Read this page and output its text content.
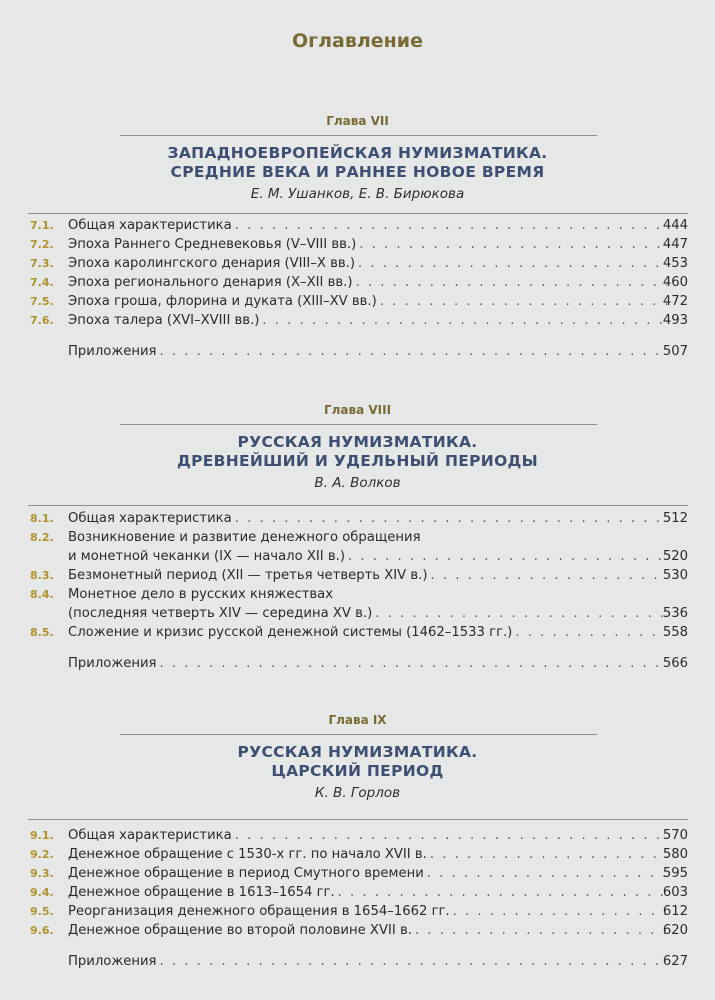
Оглавление
Глава VII
ЗАПАДНОЕВРОПЕЙСКАЯ НУМИЗМАТИКА.
СРЕДНИЕ ВЕКА И РАННЕЕ НОВОЕ ВРЕМЯ
Е. М. Ушанков, Е. В. Бирюкова
7.1.	Общая характеристика . . .	444
7.2.	Эпоха Раннего Средневековья (V–VIII вв.) . . .	447
7.3.	Эпоха каролингского денария (VIII–X вв.) . . .	453
7.4.	Эпоха регионального денария (X–XII вв.) . . .	460
7.5.	Эпоха гроша, флорина и дуката (XIII–XV вв.) . . .	472
7.6.	Эпоха талера (XVI–XVIII вв.) . . .	493
Приложения . . .	507
Глава VIII
РУССКАЯ НУМИЗМАТИКА.
ДРЕВНЕЙШИЙ И УДЕЛЬНЫЙ ПЕРИОДЫ
В. А. Волков
8.1.	Общая характеристика . . .	512
8.2.	Возникновение и развитие денежного обращения
и монетной чеканки (IX — начало XII в.) . . .	520
8.3.	Безмонетный период (XII — третья четверть XIV в.) . . .	530
8.4.	Монетное дело в русских княжествах
(последняя четверть XIV — середина XV в.) . . .	536
8.5.	Сложение и кризис русской денежной системы (1462–1533 гг.) . . .	558
Приложения . . .	566
Глава IX
РУССКАЯ НУМИЗМАТИКА.
ЦАРСКИЙ ПЕРИОД
К. В. Горлов
9.1.	Общая характеристика . . .	570
9.2.	Денежное обращение с 1530-х гг. по начало XVII в. . . .	580
9.3.	Денежное обращение в период Смутного времени . . .	595
9.4.	Денежное обращение в 1613–1654 гг. . . .	603
9.5.	Реорганизация денежного обращения в 1654–1662 гг. . . .	612
9.6.	Денежное обращение во второй половине XVII в. . . .	620
Приложения . . .	627
